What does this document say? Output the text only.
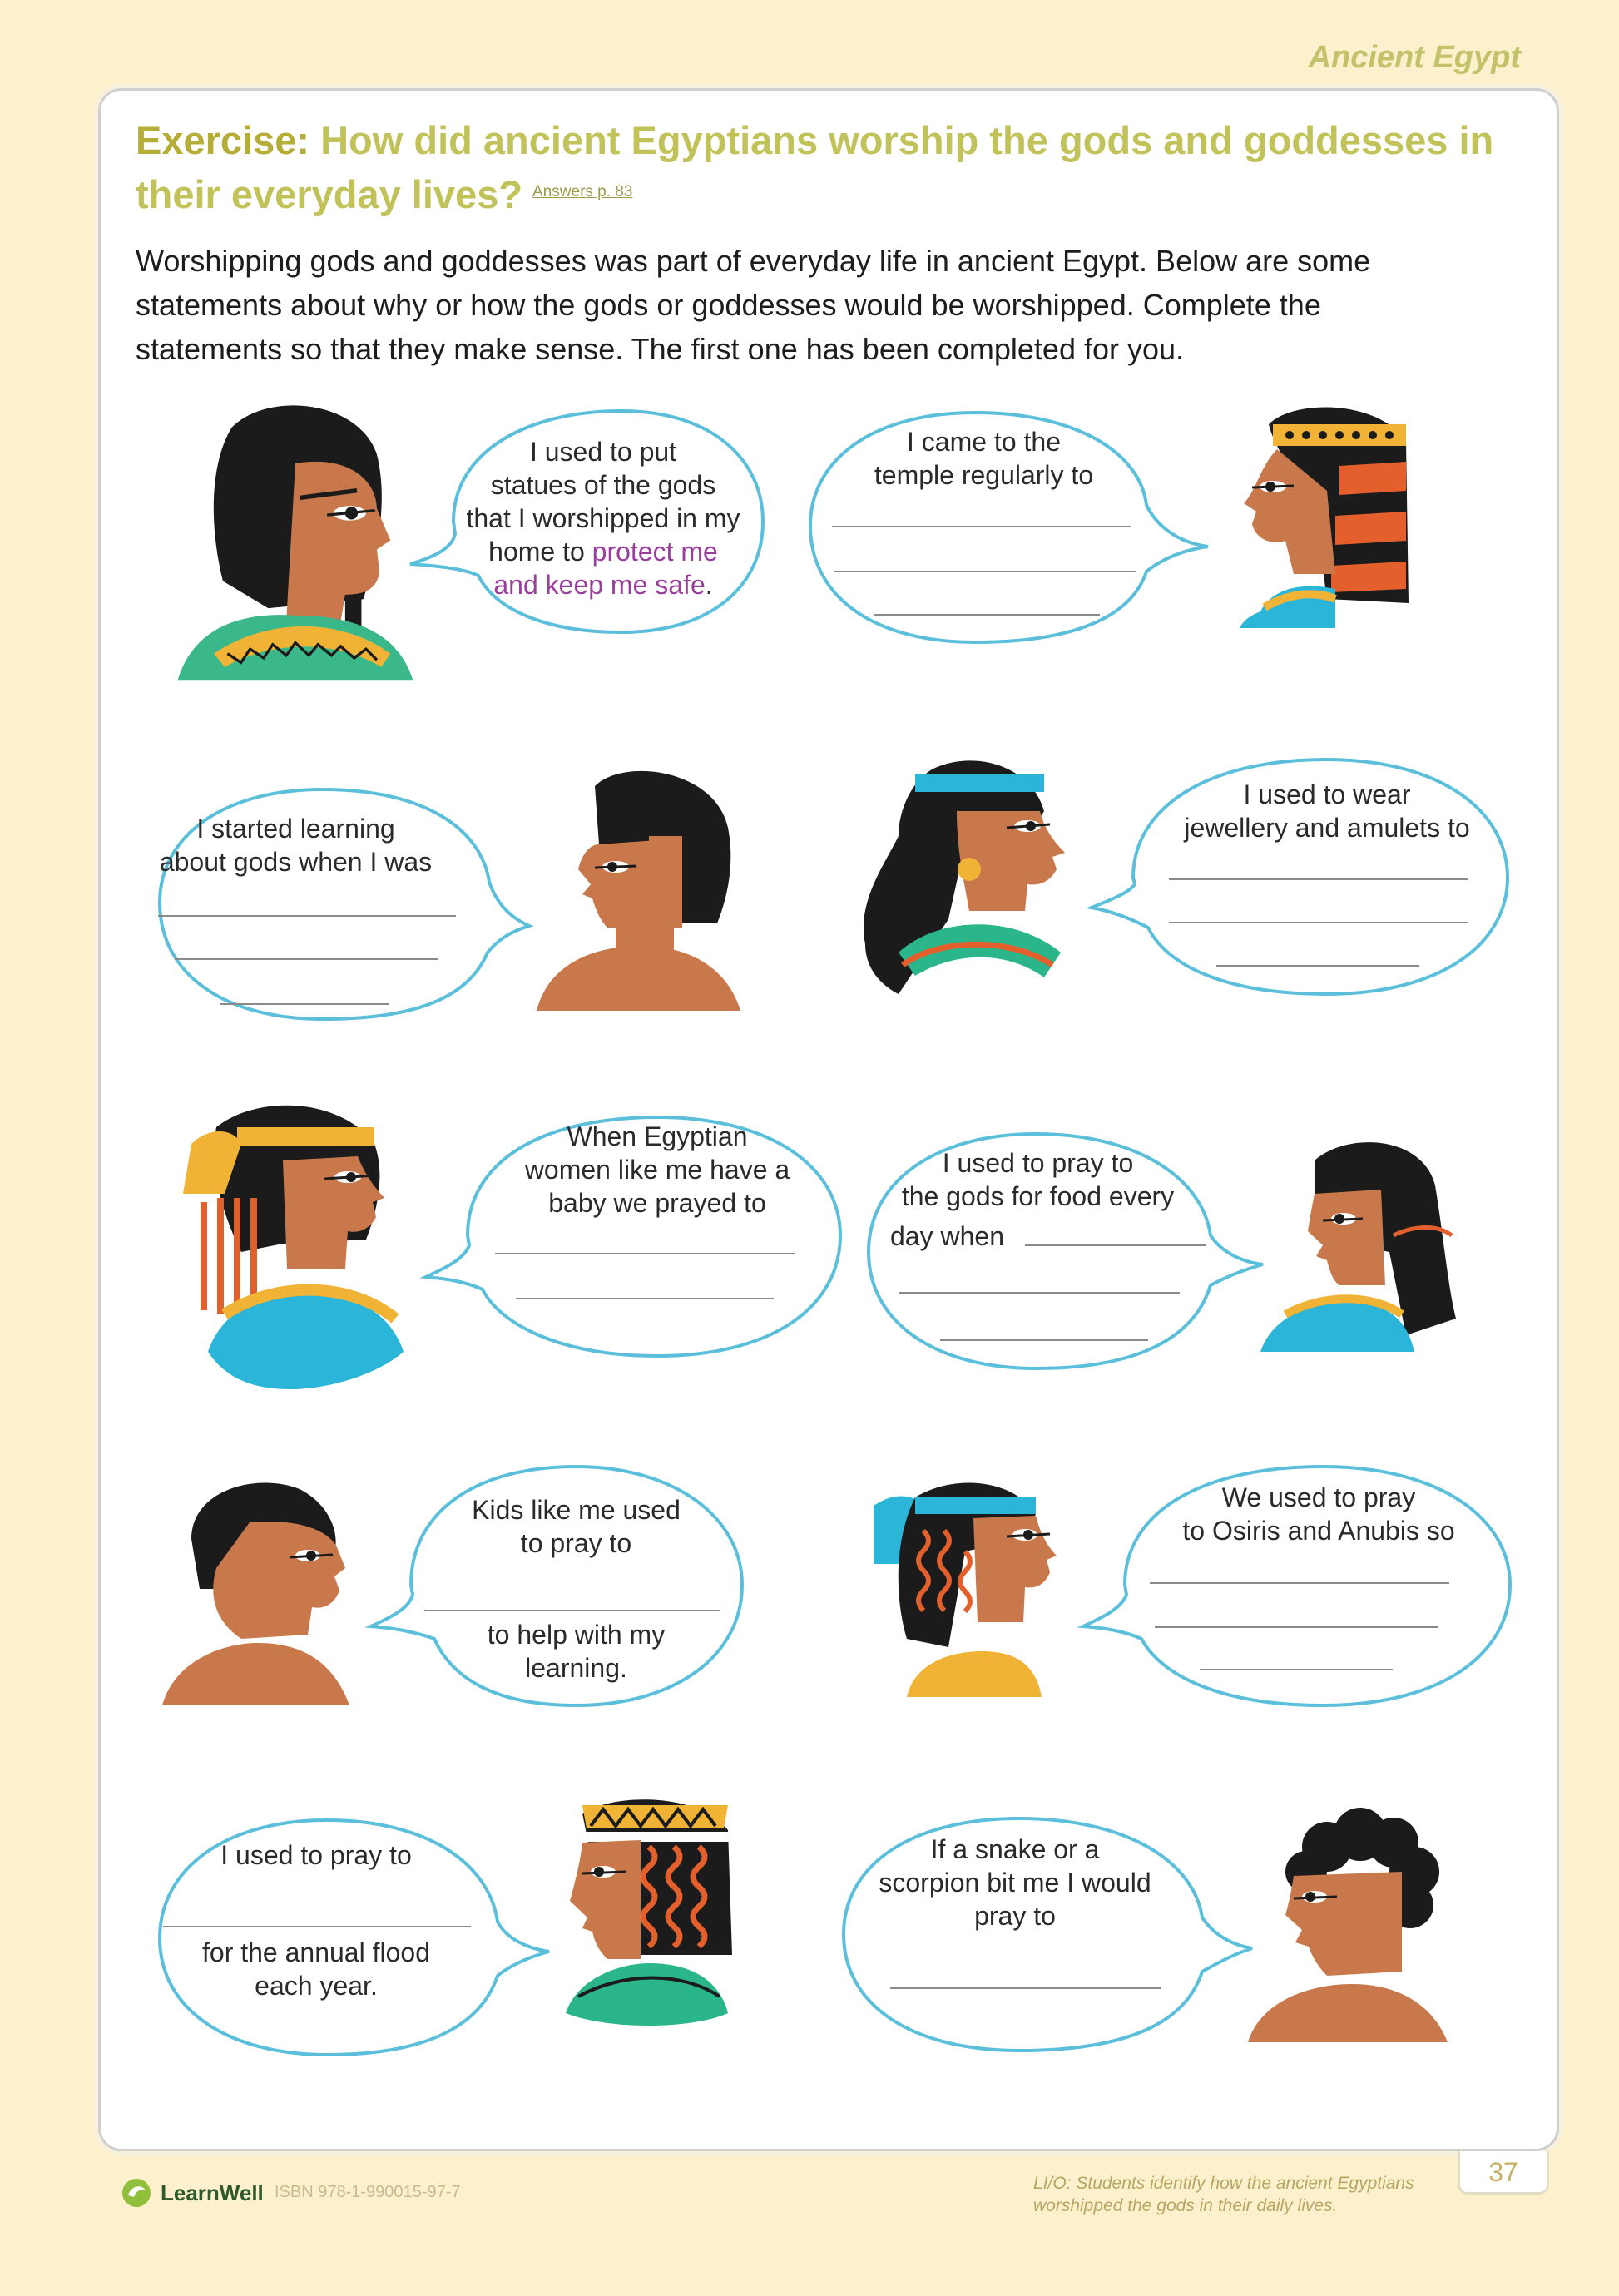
Ancient Egypt
Exercise: How did ancient Egyptians worship the gods and goddesses in their everyday lives? $^{Answers p. 83}$
Worshipping gods and goddesses was part of everyday life in ancient Egypt. Below are some statements about why or how the gods or goddesses would be worshipped. Complete the statements so that they make sense. The first one has been completed for you.
I used to put
statues of the gods
that I worshipped in my
home to protect me
and keep me safe.
I came to the
temple regularly to
I started learning
about gods when I was
I used to wear
jewellery and amulets to
When Egyptian
women like me have a
baby we prayed to
I used to pray to
the gods for food every
day when
Kids like me used
to pray to
to help with my
learning.
We used to pray
to Osiris and Anubis so
I used to pray to
for the annual flood
each year.
If a snake or a
scorpion bit me I would
pray to
LearnWell ISBN 978-1-990015-97-7	LI/O: Students identify how the ancient Egyptians worshipped the gods in their daily lives.
37
